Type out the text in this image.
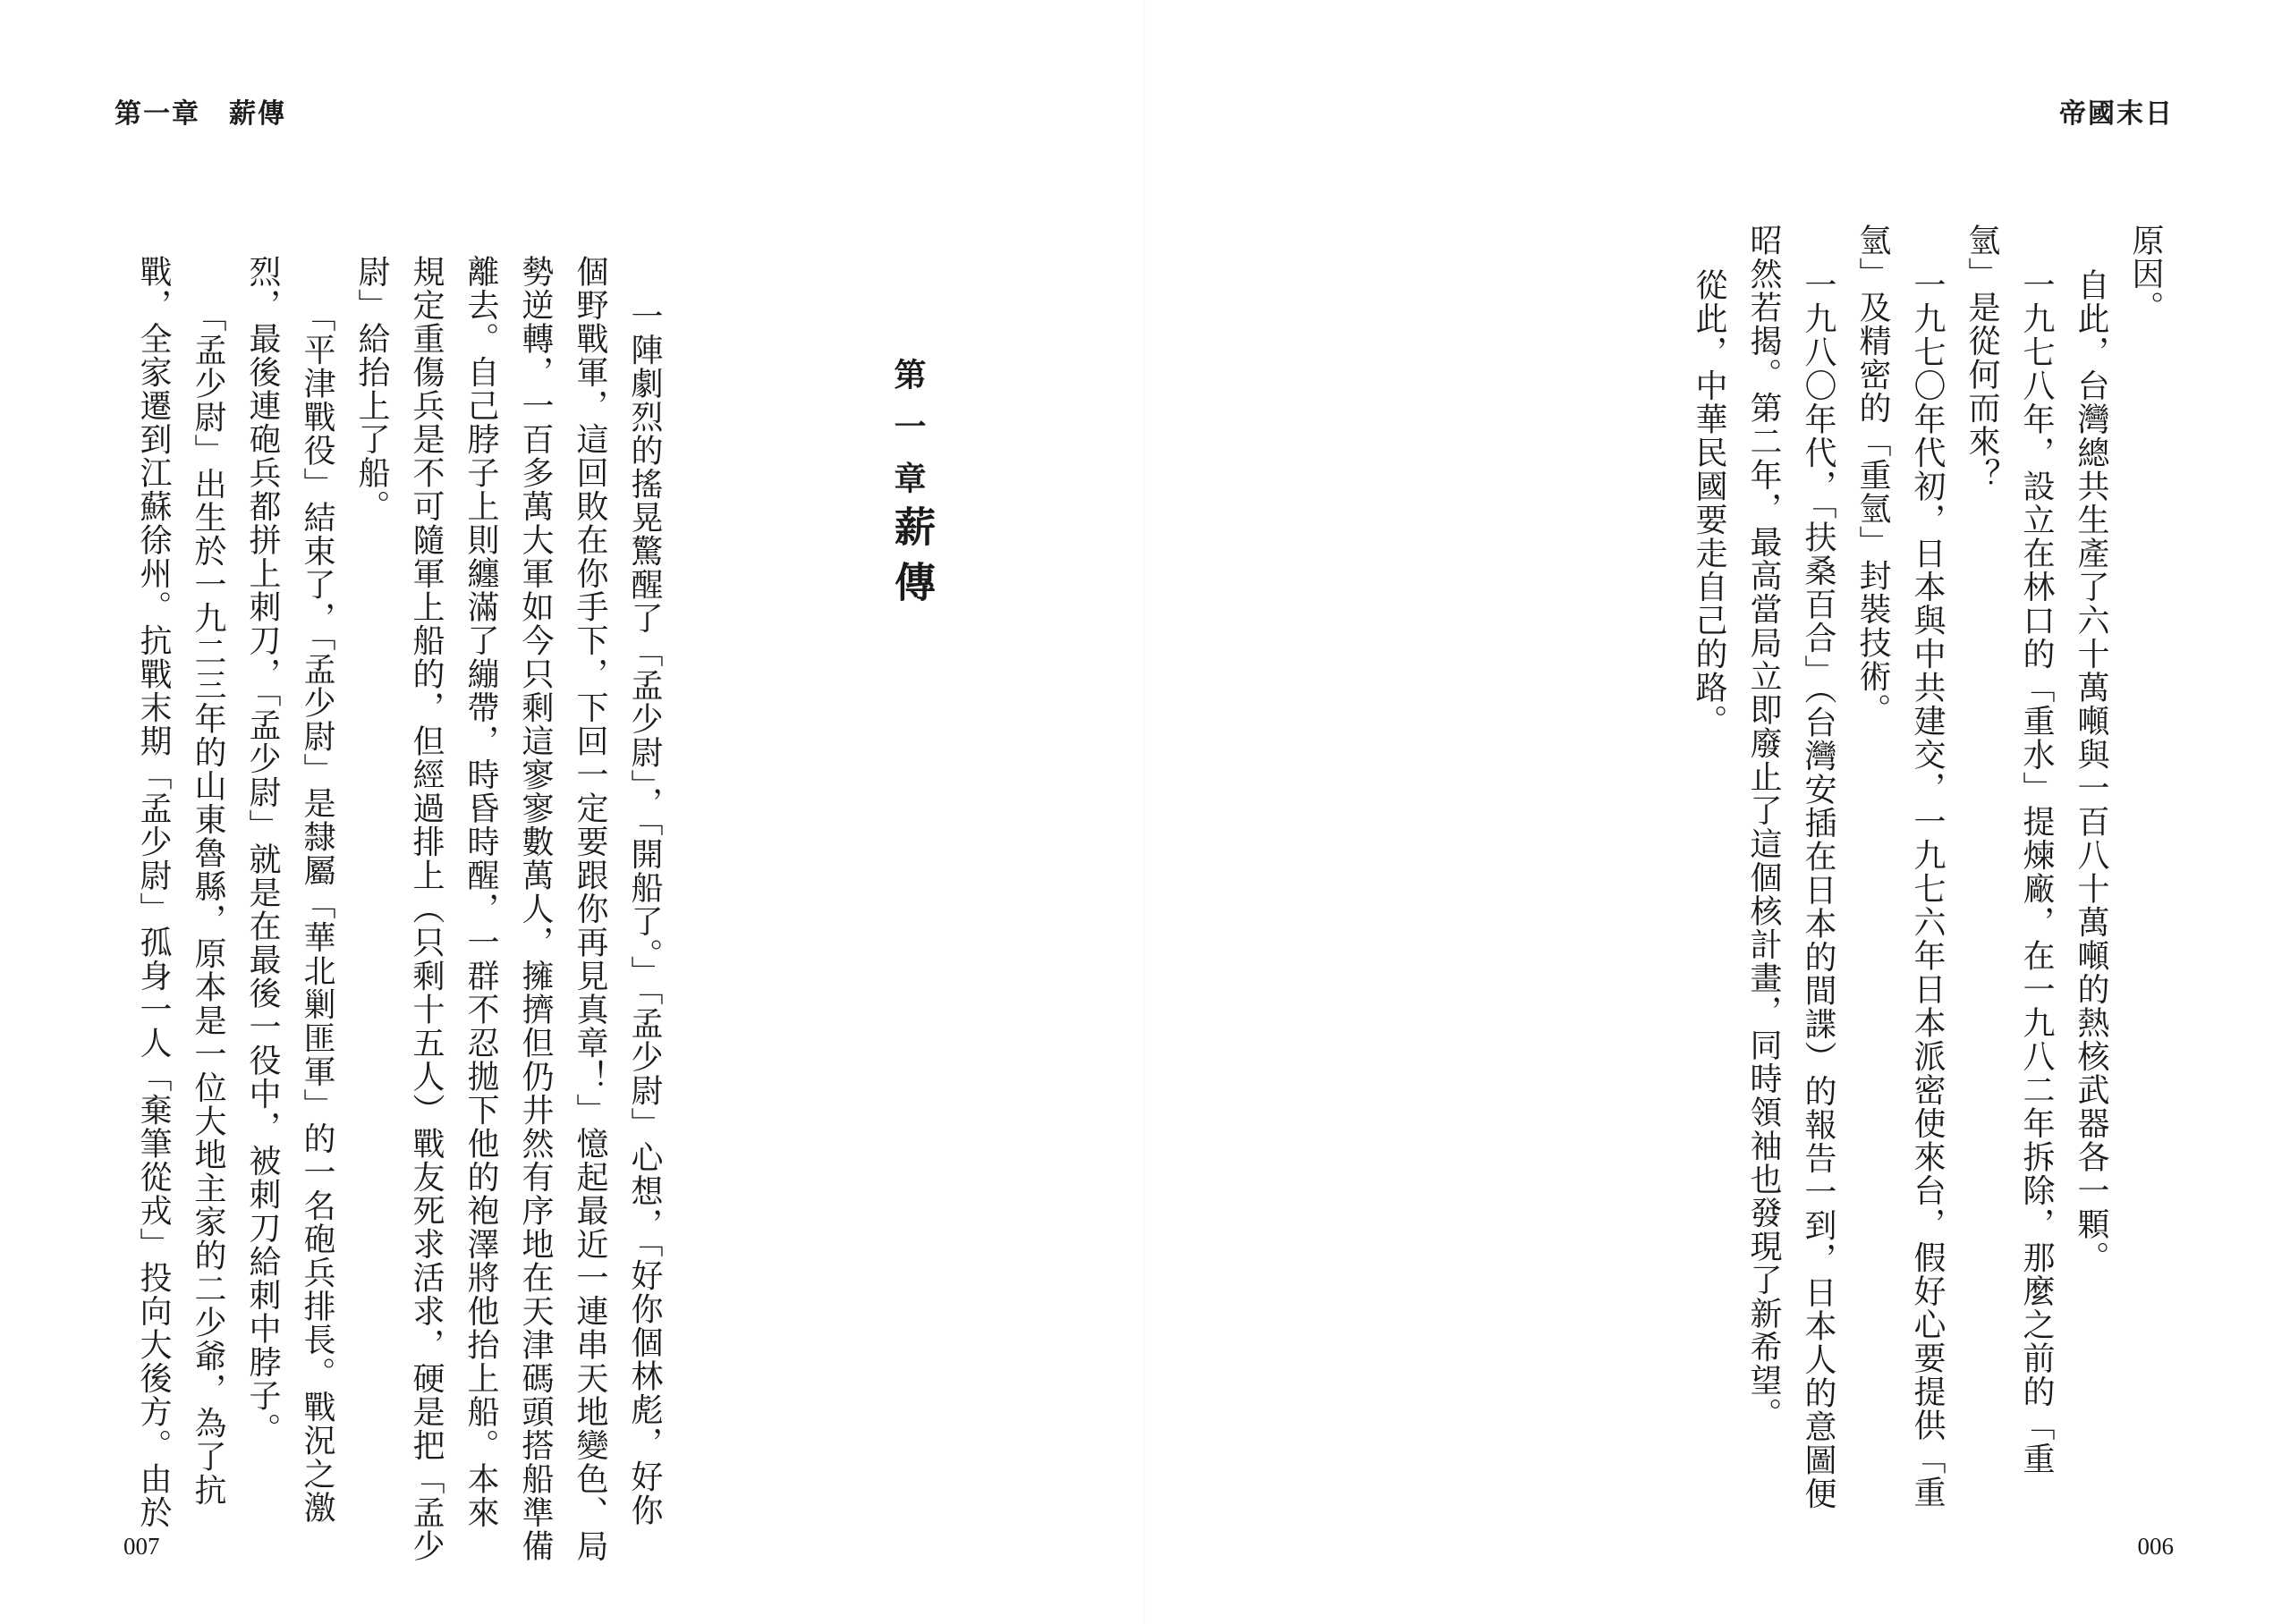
第一章　薪傳	帝國末日
原因。
自此，台灣總共生產了六十萬噸與一百八十萬噸的熱核武器各一顆。
一九七八年，設立在林口的「重水」提煉廠，在一九八二年拆除，那麼之前的「重
氫」是從何而來？
一九七〇年代初，日本與中共建交，一九七六年日本派密使來台，假好心要提供「重
氫」及精密的「重氫」封裝技術。
一九八〇年代，「扶桑百合」（台灣安插在日本的間諜）的報告一到，日本人的意圖便
昭然若揭。第二年，最高當局立即廢止了這個核計畫，同時領袖也發現了新希望。
從此，中華民國要走自己的路。
第一章
薪傳
一陣劇烈的搖晃驚醒了「孟少尉」，「開船了。」「孟少尉」心想，「好你個林彪，好你
個野戰軍，這回敗在你手下，下回一定要跟你再見真章！」憶起最近一連串天地變色、局
勢逆轉，一百多萬大軍如今只剩這寥寥數萬人，擁擠但仍井然有序地在天津碼頭搭船準備
離去。自己脖子上則纏滿了繃帶，時昏時醒，一群不忍拋下他的袍澤將他抬上船。本來
規定重傷兵是不可隨軍上船的，但經過排上（只剩十五人）戰友死求活求，硬是把「孟少
尉」給抬上了船。
「平津戰役」結束了，「孟少尉」是隸屬「華北剿匪軍」的一名砲兵排長。戰況之激
烈，最後連砲兵都拼上刺刀，「孟少尉」就是在最後一役中，被刺刀給刺中脖子。
「孟少尉」出生於一九二三年的山東魯縣，原本是一位大地主家的二少爺，為了抗
戰，全家遷到江蘇徐州。抗戰末期「孟少尉」孤身一人「棄筆從戎」投向大後方。由於
007	006
